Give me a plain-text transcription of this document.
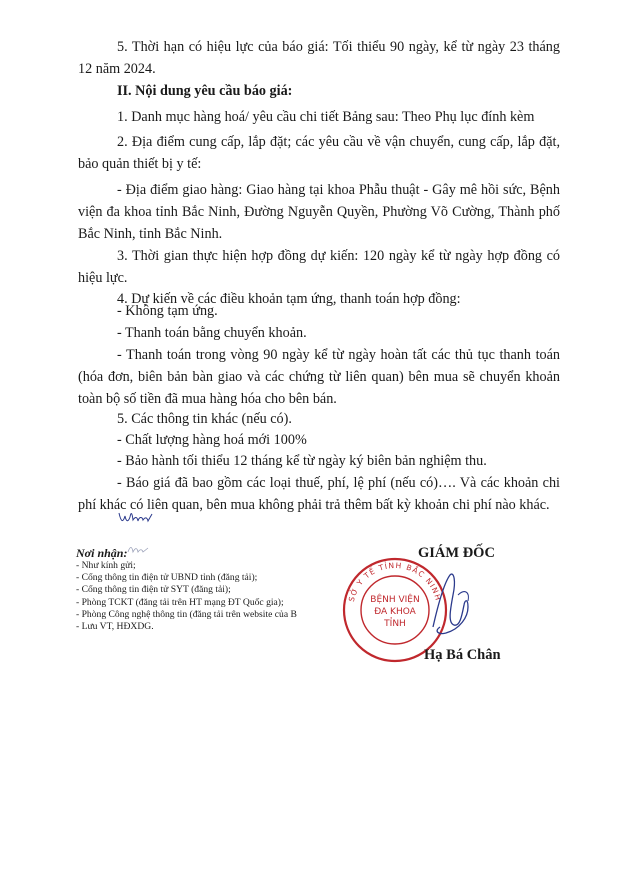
5. Thời hạn có hiệu lực của báo giá: Tối thiểu 90 ngày, kể từ ngày 23 tháng 12 năm 2024.

II. Nội dung yêu cầu báo giá:

1. Danh mục hàng hoá/ yêu cầu chi tiết Bảng sau: Theo Phụ lục đính kèm

2. Địa điểm cung cấp, lắp đặt; các yêu cầu về vận chuyển, cung cấp, lắp đặt, bảo quản thiết bị y tế:

- Địa điểm giao hàng: Giao hàng tại khoa Phẫu thuật - Gây mê hồi sức, Bệnh viện đa khoa tỉnh Bắc Ninh, Đường Nguyễn Quyền, Phường Võ Cường, Thành phố Bắc Ninh, tỉnh Bắc Ninh.

3. Thời gian thực hiện hợp đồng dự kiến: 120 ngày kể từ ngày hợp đồng có hiệu lực.

4. Dự kiến về các điều khoản tạm ứng, thanh toán hợp đồng:

- Không tạm ứng.

- Thanh toán bằng chuyển khoản.

- Thanh toán trong vòng 90 ngày kể từ ngày hoàn tất các thủ tục thanh toán (hóa đơn, biên bản bàn giao và các chứng từ liên quan) bên mua sẽ chuyển khoản toàn bộ số tiền đã mua hàng hóa cho bên bán.

5. Các thông tin khác (nếu có).

- Chất lượng hàng hoá mới 100%

- Bảo hành tối thiểu 12 tháng kể từ ngày ký biên bản nghiệm thu.

- Báo giá đã bao gồm các loại thuế, phí, lệ phí (nếu có)…. Và các khoản chi phí khác có liên quan, bên mua không phải trả thêm bất kỳ khoản chi phí nào khác.

Nơi nhận:
- Như kính gửi;
- Cổng thông tin điện tử UBND tỉnh (đăng tải);
- Cổng thông tin điện tử SYT (đăng tải);
- Phòng TCKT (đăng tải trên HT mạng ĐT Quốc gia);
- Phòng Công nghệ thông tin (đăng tải trên website của B
- Lưu VT, HĐXDG.
GIÁM ĐỐC
SỞ Y TẾ TỈNH BẮC NINH
BỆNH VIỆN
ĐA KHOA
TỈNH
Hạ Bá Chân
